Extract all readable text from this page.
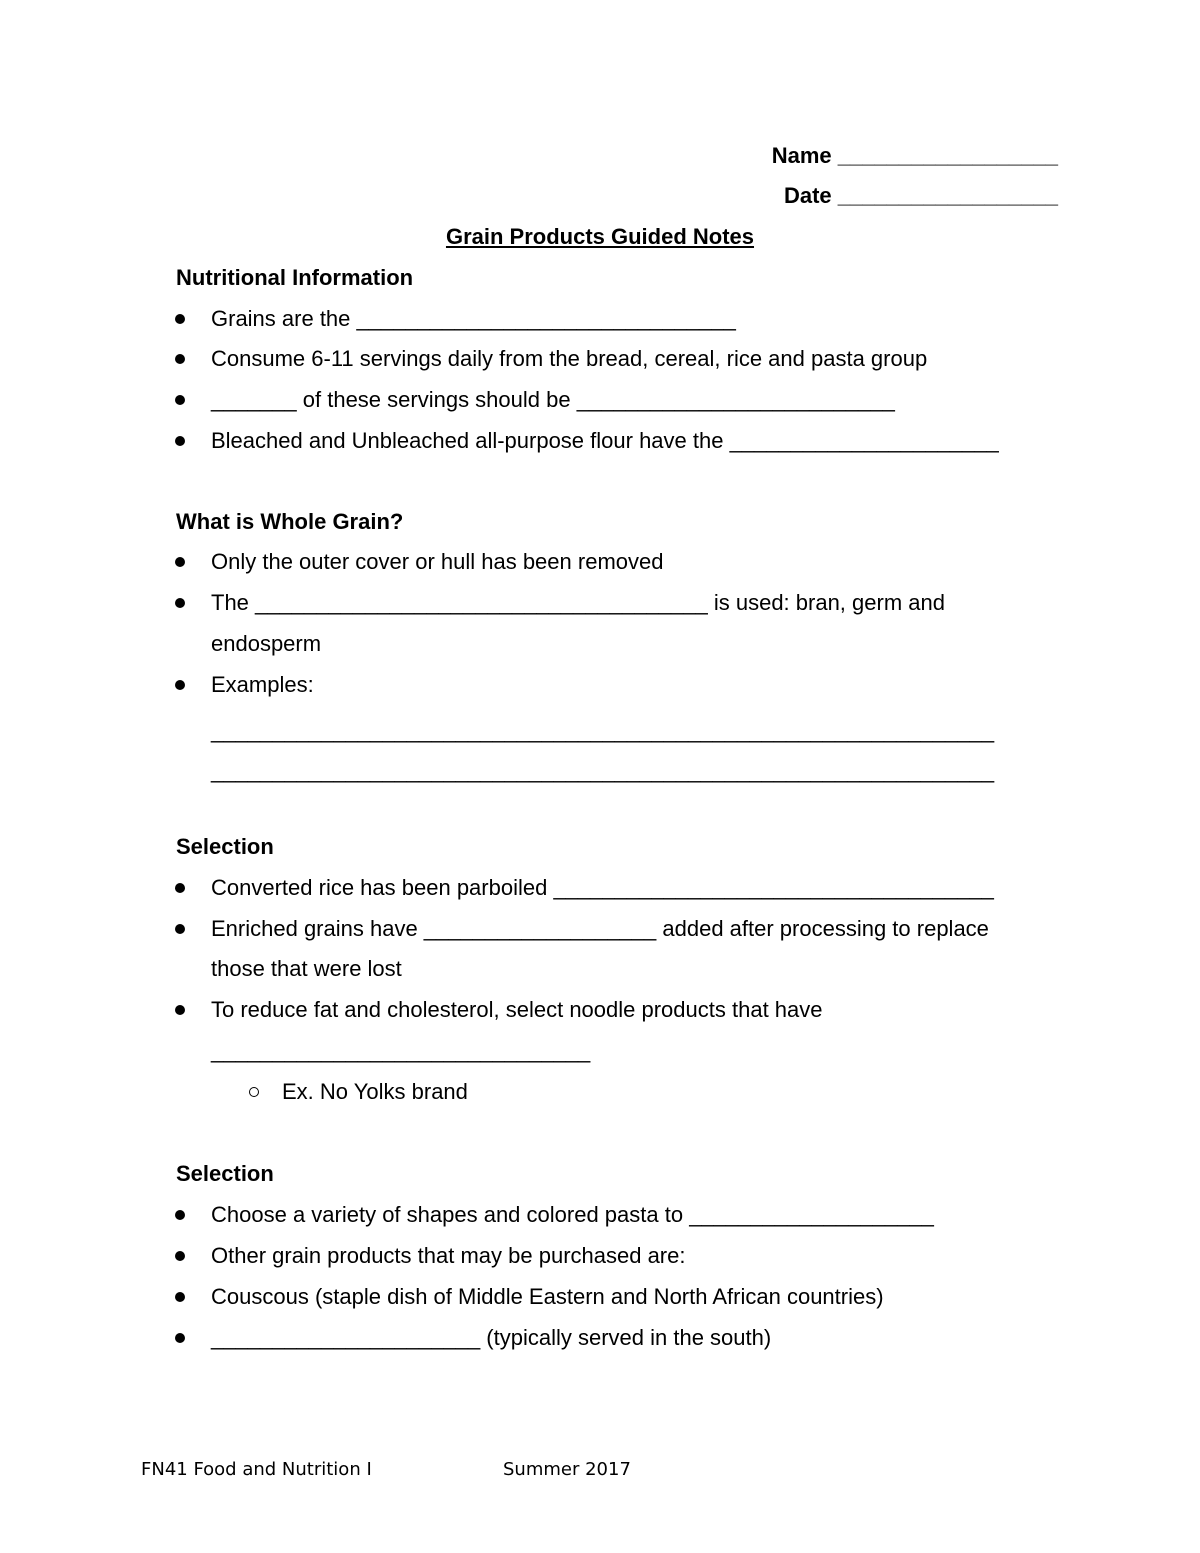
Name __________________
Date __________________
Grain Products Guided Notes
Nutritional Information
Grains are the _______________________________
Consume 6-11 servings daily from the bread, cereal, rice and pasta group
_______ of these servings should be __________________________
Bleached and Unbleached all-purpose flour have the ______________________
What is Whole Grain?
Only the outer cover or hull has been removed
The _____________________________________ is used: bran, germ and
endosperm
Examples:
________________________________________________________________
________________________________________________________________
Selection
Converted rice has been parboiled ____________________________________
Enriched grains have ___________________ added after processing to replace
those that were lost
To reduce fat and cholesterol, select noodle products that have
_______________________________
Ex. No Yolks brand
Selection
Choose a variety of shapes and colored pasta to ____________________
Other grain products that may be purchased are:
Couscous (staple dish of Middle Eastern and North African countries)
______________________ (typically served in the south)
FN41 Food and Nutrition I	Summer 2017
